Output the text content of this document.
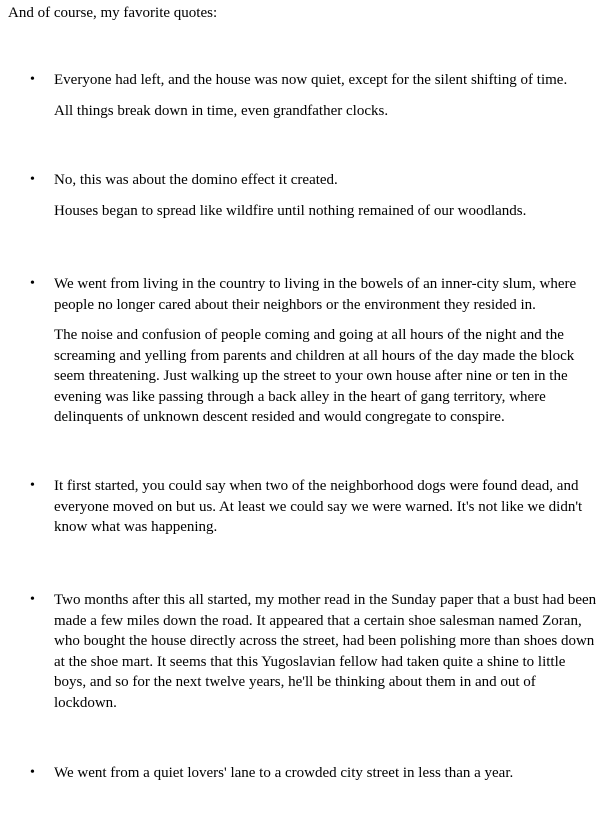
And of course, my favorite quotes:

• Everyone had left, and the house was now quiet, except for the silent shifting of time.

All things break down in time, even grandfather clocks.

• No, this was about the domino effect it created.

Houses began to spread like wildfire until nothing remained of our woodlands.

• We went from living in the country to living in the bowels of an inner-city slum, where people no longer cared about their neighbors or the environment they resided in.

The noise and confusion of people coming and going at all hours of the night and the screaming and yelling from parents and children at all hours of the day made the block seem threatening. Just walking up the street to your own house after nine or ten in the evening was like passing through a back alley in the heart of gang territory, where delinquents of unknown descent resided and would congregate to conspire.

• It first started, you could say when two of the neighborhood dogs were found dead, and everyone moved on but us. At least we could say we were warned. It's not like we didn't know what was happening.

• Two months after this all started, my mother read in the Sunday paper that a bust had been made a few miles down the road. It appeared that a certain shoe salesman named Zoran, who bought the house directly across the street, had been polishing more than shoes down at the shoe mart. It seems that this Yugoslavian fellow had taken quite a shine to little boys, and so for the next twelve years, he'll be thinking about them in and out of lockdown.

• We went from a quiet lovers' lane to a crowded city street in less than a year.
